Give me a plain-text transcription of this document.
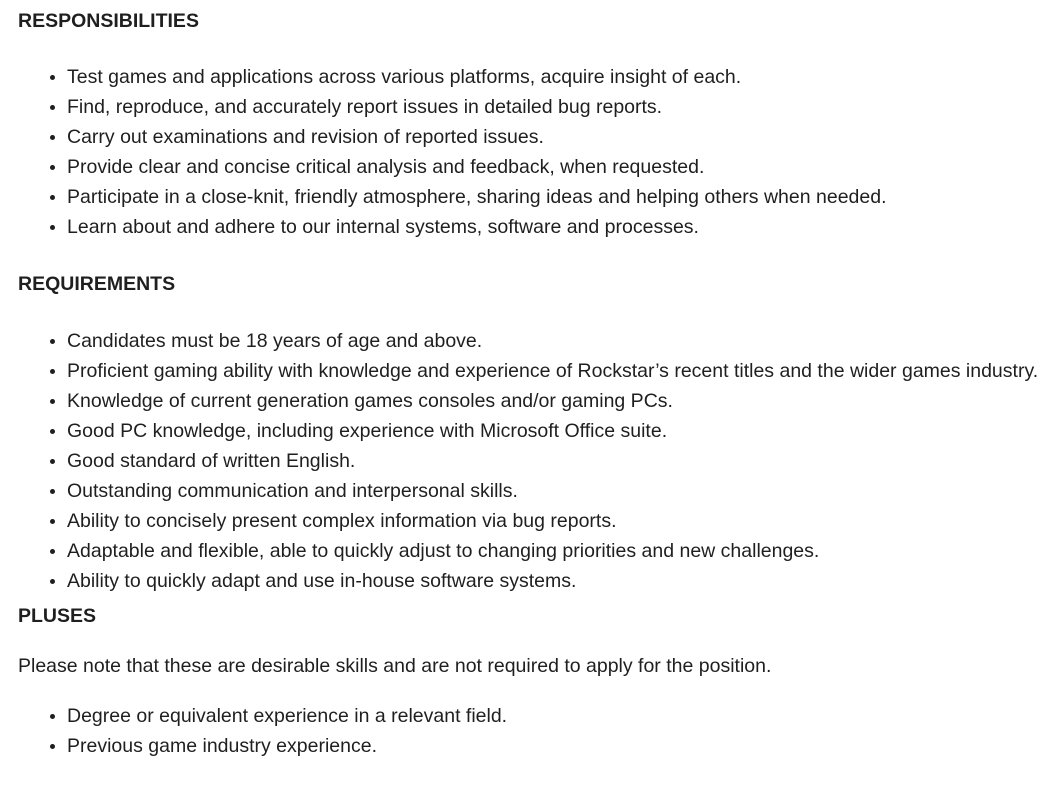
RESPONSIBILITIES
Test games and applications across various platforms, acquire insight of each.
Find, reproduce, and accurately report issues in detailed bug reports.
Carry out examinations and revision of reported issues.
Provide clear and concise critical analysis and feedback, when requested.
Participate in a close-knit, friendly atmosphere, sharing ideas and helping others when needed.
Learn about and adhere to our internal systems, software and processes.
REQUIREMENTS
Candidates must be 18 years of age and above.
Proficient gaming ability with knowledge and experience of Rockstar’s recent titles and the wider games industry.
Knowledge of current generation games consoles and/or gaming PCs.
Good PC knowledge, including experience with Microsoft Office suite.
Good standard of written English.
Outstanding communication and interpersonal skills.
Ability to concisely present complex information via bug reports.
Adaptable and flexible, able to quickly adjust to changing priorities and new challenges.
Ability to quickly adapt and use in-house software systems.
PLUSES

Please note that these are desirable skills and are not required to apply for the position.

Degree or equivalent experience in a relevant field.
Previous game industry experience.
